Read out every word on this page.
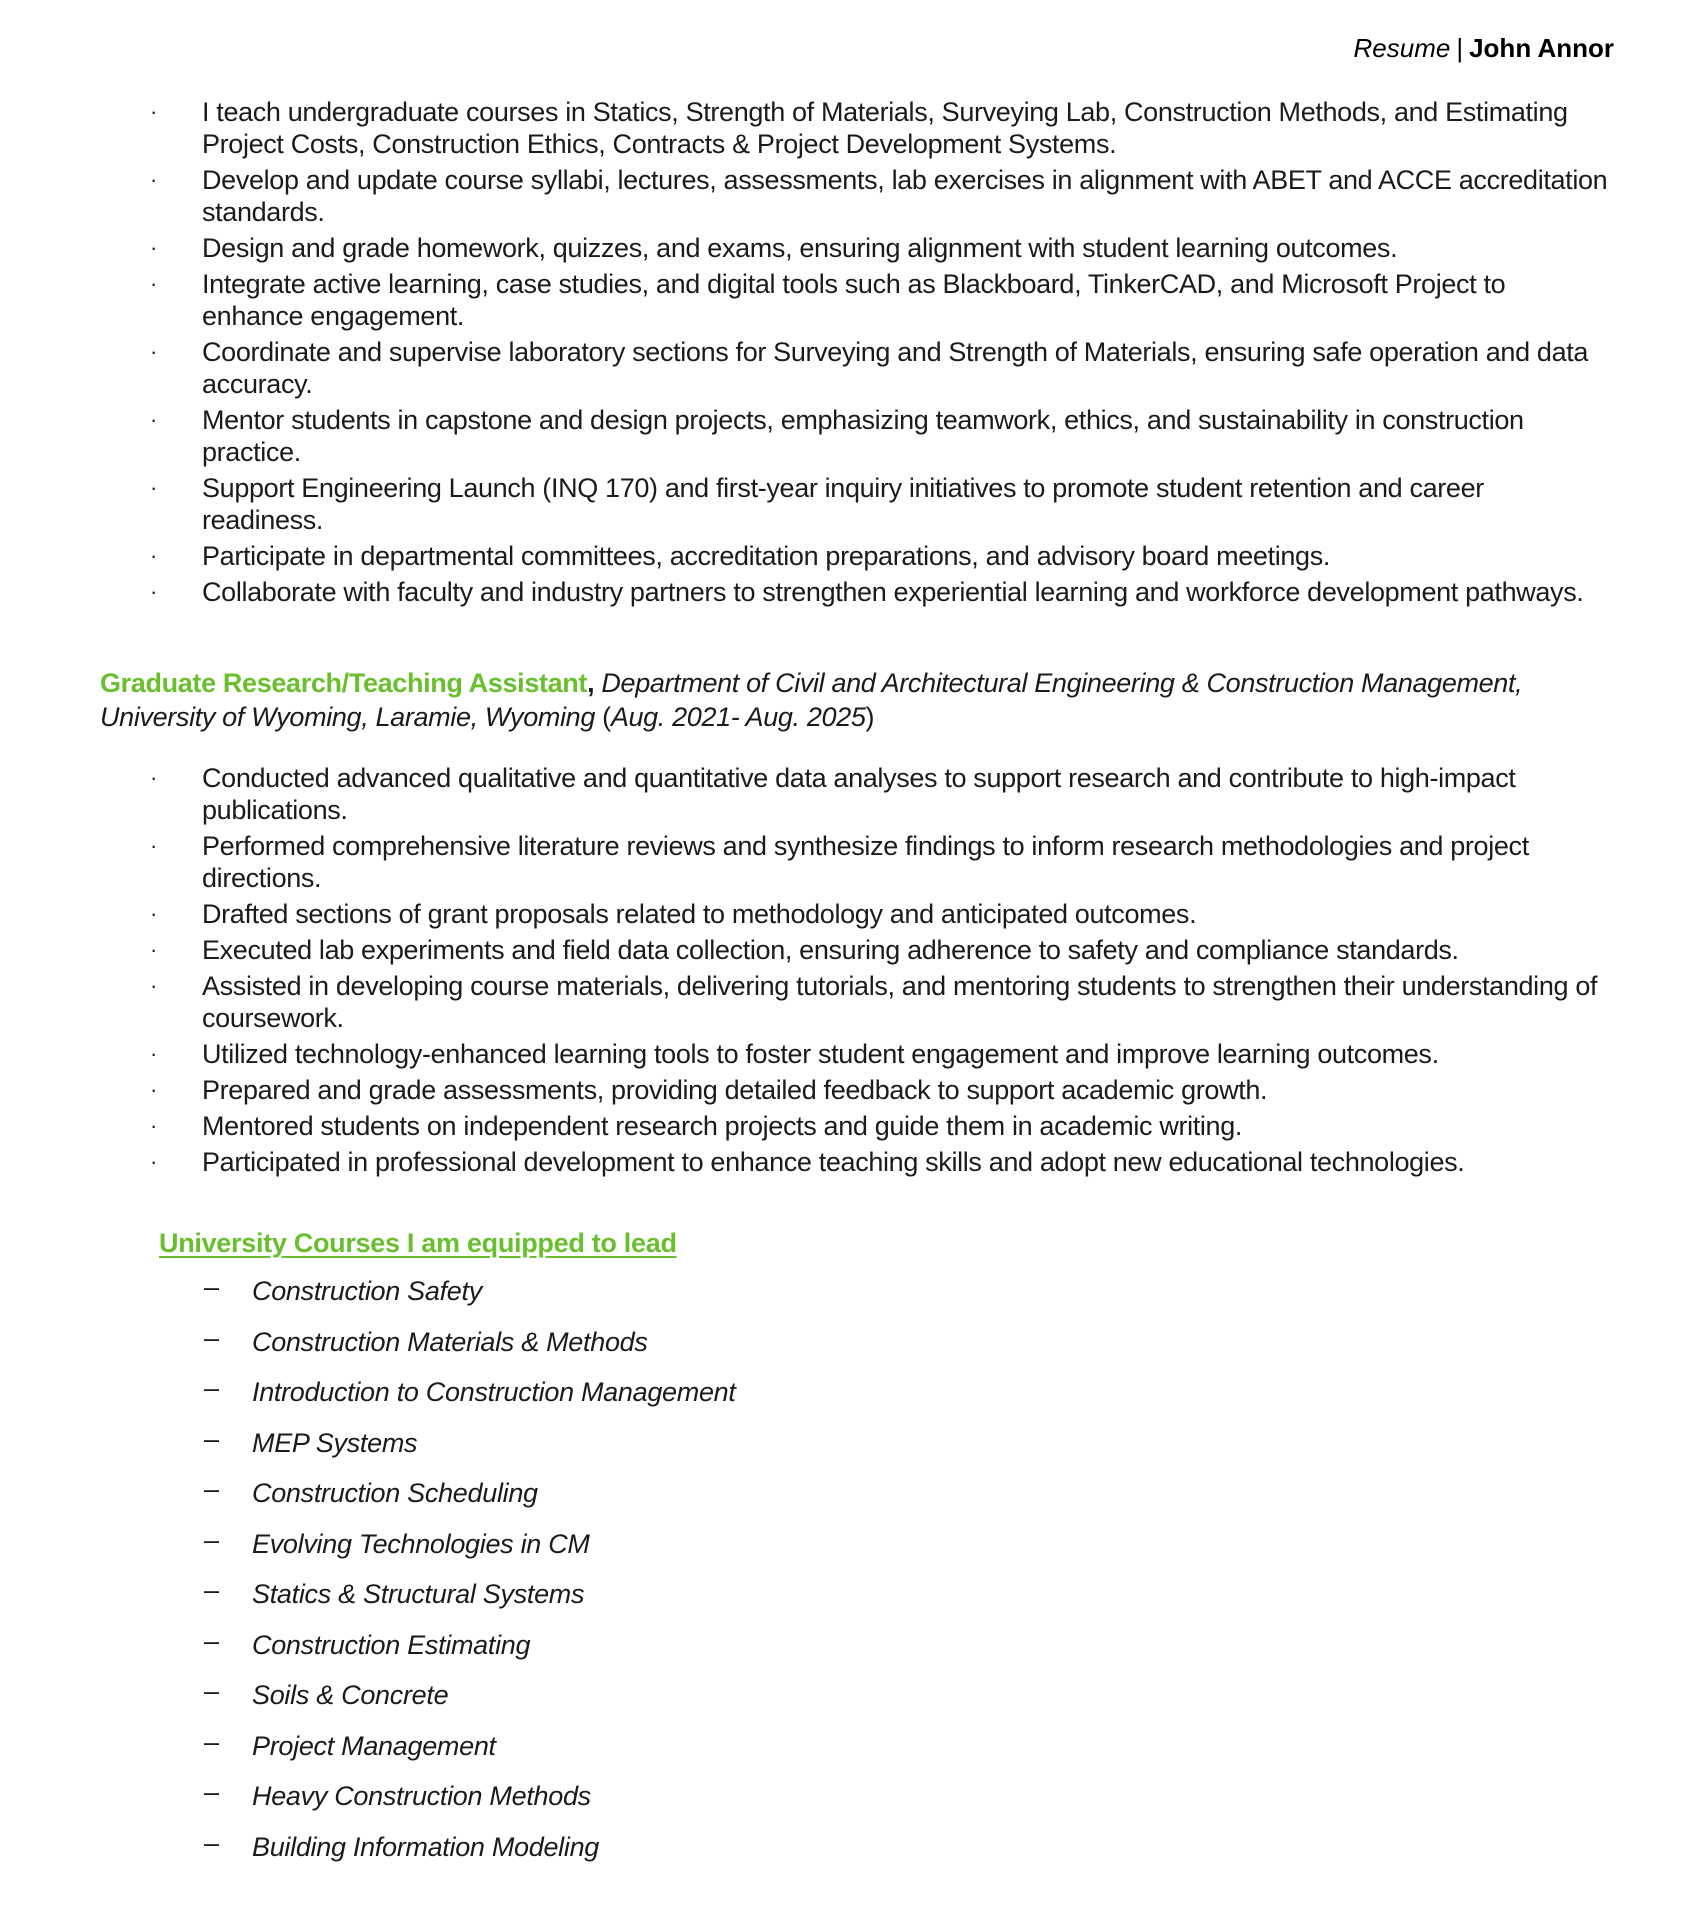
Resume | John Annor
· I teach undergraduate courses in Statics, Strength of Materials, Surveying Lab, Construction Methods, and Estimating Project Costs, Construction Ethics, Contracts & Project Development Systems.
· Develop and update course syllabi, lectures, assessments, lab exercises in alignment with ABET and ACCE accreditation standards.
· Design and grade homework, quizzes, and exams, ensuring alignment with student learning outcomes.
· Integrate active learning, case studies, and digital tools such as Blackboard, TinkerCAD, and Microsoft Project to enhance engagement.
· Coordinate and supervise laboratory sections for Surveying and Strength of Materials, ensuring safe operation and data accuracy.
· Mentor students in capstone and design projects, emphasizing teamwork, ethics, and sustainability in construction practice.
· Support Engineering Launch (INQ 170) and first-year inquiry initiatives to promote student retention and career readiness.
· Participate in departmental committees, accreditation preparations, and advisory board meetings.
· Collaborate with faculty and industry partners to strengthen experiential learning and workforce development pathways.
Graduate Research/Teaching Assistant, Department of Civil and Architectural Engineering & Construction Management, University of Wyoming, Laramie, Wyoming (Aug. 2021- Aug. 2025)
· Conducted advanced qualitative and quantitative data analyses to support research and contribute to high-impact publications.
· Performed comprehensive literature reviews and synthesize findings to inform research methodologies and project directions.
· Drafted sections of grant proposals related to methodology and anticipated outcomes.
· Executed lab experiments and field data collection, ensuring adherence to safety and compliance standards.
· Assisted in developing course materials, delivering tutorials, and mentoring students to strengthen their understanding of coursework.
· Utilized technology-enhanced learning tools to foster student engagement and improve learning outcomes.
· Prepared and grade assessments, providing detailed feedback to support academic growth.
· Mentored students on independent research projects and guide them in academic writing.
· Participated in professional development to enhance teaching skills and adopt new educational technologies.
University Courses I am equipped to lead
– Construction Safety
– Construction Materials & Methods
– Introduction to Construction Management
– MEP Systems
– Construction Scheduling
– Evolving Technologies in CM
– Statics & Structural Systems
– Construction Estimating
– Soils & Concrete
– Project Management
– Heavy Construction Methods
– Building Information Modeling
